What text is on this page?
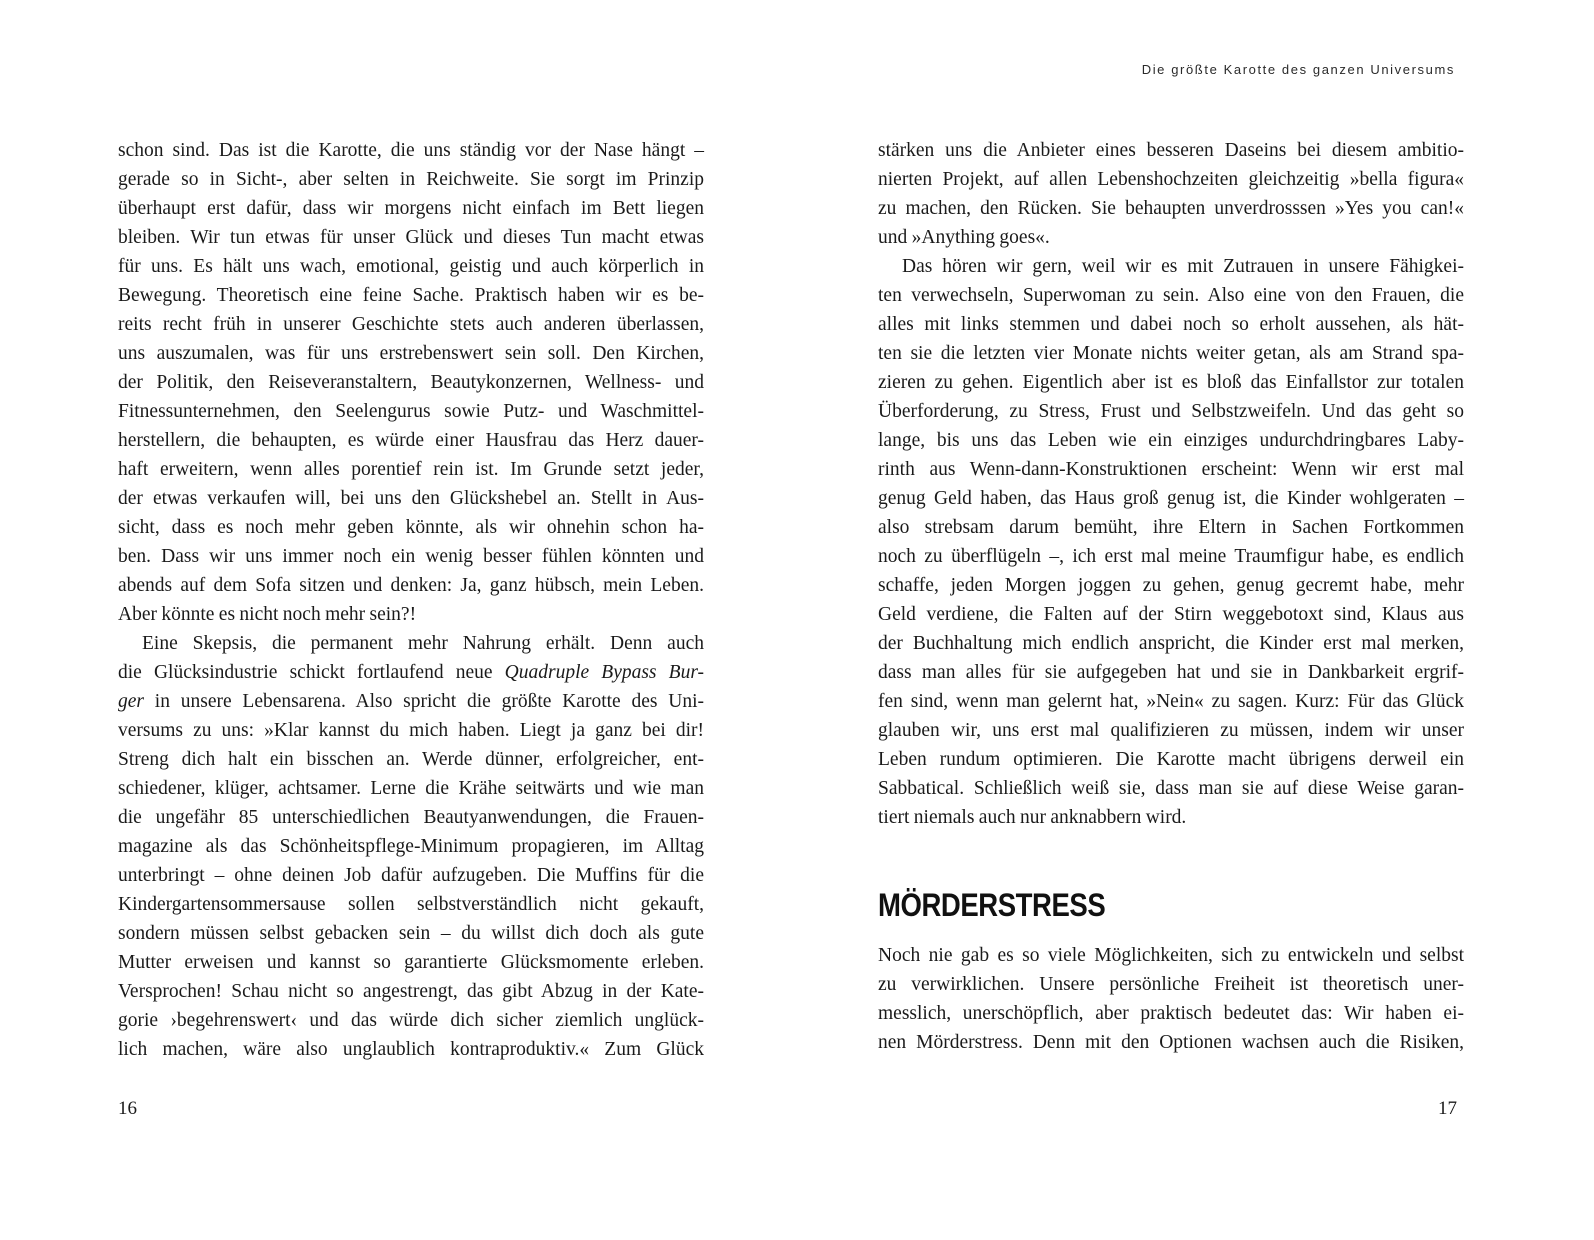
schon sind. Das ist die Karotte, die uns ständig vor der Nase hängt –
gerade so in Sicht-, aber selten in Reichweite. Sie sorgt im Prinzip
überhaupt erst dafür, dass wir morgens nicht einfach im Bett liegen
bleiben. Wir tun etwas für unser Glück und dieses Tun macht etwas
für uns. Es hält uns wach, emotional, geistig und auch körperlich in
Bewegung. Theoretisch eine feine Sache. Praktisch haben wir es be-
reits recht früh in unserer Geschichte stets auch anderen überlassen,
uns auszumalen, was für uns erstrebenswert sein soll. Den Kirchen,
der Politik, den Reiseveranstaltern, Beautykonzernen, Wellness- und
Fitnessunternehmen, den Seelengurus sowie Putz- und Waschmittel-
herstellern, die behaupten, es würde einer Hausfrau das Herz dauer-
haft erweitern, wenn alles porentief rein ist. Im Grunde setzt jeder,
der etwas verkaufen will, bei uns den Glückshebel an. Stellt in Aus-
sicht, dass es noch mehr geben könnte, als wir ohnehin schon ha-
ben. Dass wir uns immer noch ein wenig besser fühlen könnten und
abends auf dem Sofa sitzen und denken: Ja, ganz hübsch, mein Leben.
Aber könnte es nicht noch mehr sein?!
Eine Skepsis, die permanent mehr Nahrung erhält. Denn auch
die Glücksindustrie schickt fortlaufend neue Quadruple Bypass Bur-
ger in unsere Lebensarena. Also spricht die größte Karotte des Uni-
versums zu uns: »Klar kannst du mich haben. Liegt ja ganz bei dir!
Streng dich halt ein bisschen an. Werde dünner, erfolgreicher, ent-
schiedener, klüger, achtsamer. Lerne die Krähe seitwärts und wie man
die ungefähr 85 unterschiedlichen Beautyanwendungen, die Frauen-
magazine als das Schönheitspflege-Minimum propagieren, im Alltag
unterbringt – ohne deinen Job dafür aufzugeben. Die Muffins für die
Kindergartensommersause sollen selbstverständlich nicht gekauft,
sondern müssen selbst gebacken sein – du willst dich doch als gute
Mutter erweisen und kannst so garantierte Glücksmomente erleben.
Versprochen! Schau nicht so angestrengt, das gibt Abzug in der Kate-
gorie ›begehrenswert‹ und das würde dich sicher ziemlich unglück-
lich machen, wäre also unglaublich kontraproduktiv.« Zum Glück
16
Die größte Karotte des ganzen Universums
stärken uns die Anbieter eines besseren Daseins bei diesem ambitio-
nierten Projekt, auf allen Lebenshochzeiten gleichzeitig »bella figura«
zu machen, den Rücken. Sie behaupten unverdrosssen »Yes you can!«
und »Anything goes«.
Das hören wir gern, weil wir es mit Zutrauen in unsere Fähigkei-
ten verwechseln, Superwoman zu sein. Also eine von den Frauen, die
alles mit links stemmen und dabei noch so erholt aussehen, als hät-
ten sie die letzten vier Monate nichts weiter getan, als am Strand spa-
zieren zu gehen. Eigentlich aber ist es bloß das Einfallstor zur totalen
Überforderung, zu Stress, Frust und Selbstzweifeln. Und das geht so
lange, bis uns das Leben wie ein einziges undurchdringbares Laby-
rinth aus Wenn-dann-Konstruktionen erscheint: Wenn wir erst mal
genug Geld haben, das Haus groß genug ist, die Kinder wohlgeraten –
also strebsam darum bemüht, ihre Eltern in Sachen Fortkommen
noch zu überflügeln –, ich erst mal meine Traumfigur habe, es endlich
schaffe, jeden Morgen joggen zu gehen, genug gecremt habe, mehr
Geld verdiene, die Falten auf der Stirn weggebotoxt sind, Klaus aus
der Buchhaltung mich endlich anspricht, die Kinder erst mal merken,
dass man alles für sie aufgegeben hat und sie in Dankbarkeit ergrif-
fen sind, wenn man gelernt hat, »Nein« zu sagen. Kurz: Für das Glück
glauben wir, uns erst mal qualifizieren zu müssen, indem wir unser
Leben rundum optimieren. Die Karotte macht übrigens derweil ein
Sabbatical. Schließlich weiß sie, dass man sie auf diese Weise garan-
tiert niemals auch nur anknabbern wird.
MÖRDERSTRESS
Noch nie gab es so viele Möglichkeiten, sich zu entwickeln und selbst
zu verwirklichen. Unsere persönliche Freiheit ist theoretisch uner-
messlich, unerschöpflich, aber praktisch bedeutet das: Wir haben ei-
nen Mörderstress. Denn mit den Optionen wachsen auch die Risiken,
17
